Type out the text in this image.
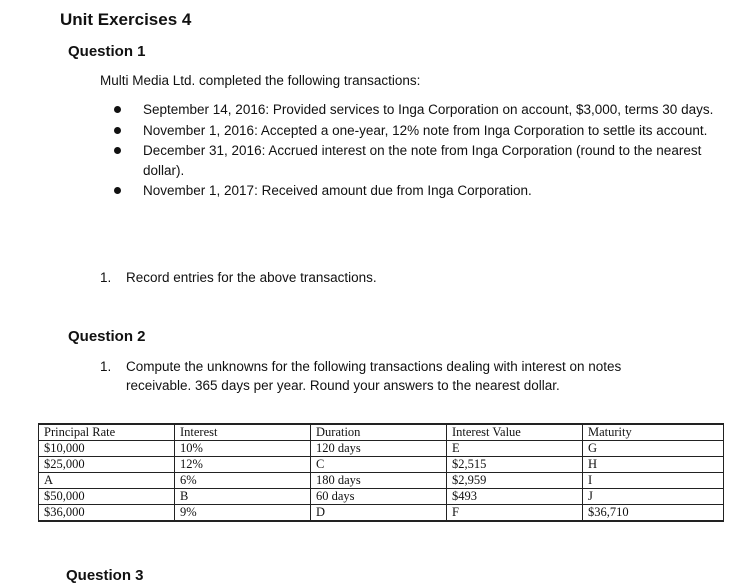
Unit Exercises 4
Question 1
Multi Media Ltd. completed the following transactions:
September 14, 2016: Provided services to Inga Corporation on account, $3,000, terms 30 days.
November 1, 2016: Accepted a one-year, 12% note from Inga Corporation to settle its account.
December 31, 2016: Accrued interest on the note from Inga Corporation (round to the nearest dollar).
November 1, 2017: Received amount due from Inga Corporation.
1. Record entries for the above transactions.
Question 2
1. Compute the unknowns for the following transactions dealing with interest on notes
receivable. 365 days per year. Round your answers to the nearest dollar.
Principal Rate	Interest	Duration	Interest Value	Maturity
$10,000	10%	120 days	E	G
$25,000	12%	C	$2,515	H
A	6%	180 days	$2,959	I
$50,000	B	60 days	$493	J
$36,000	9%	D	F	$36,710
Question 3
